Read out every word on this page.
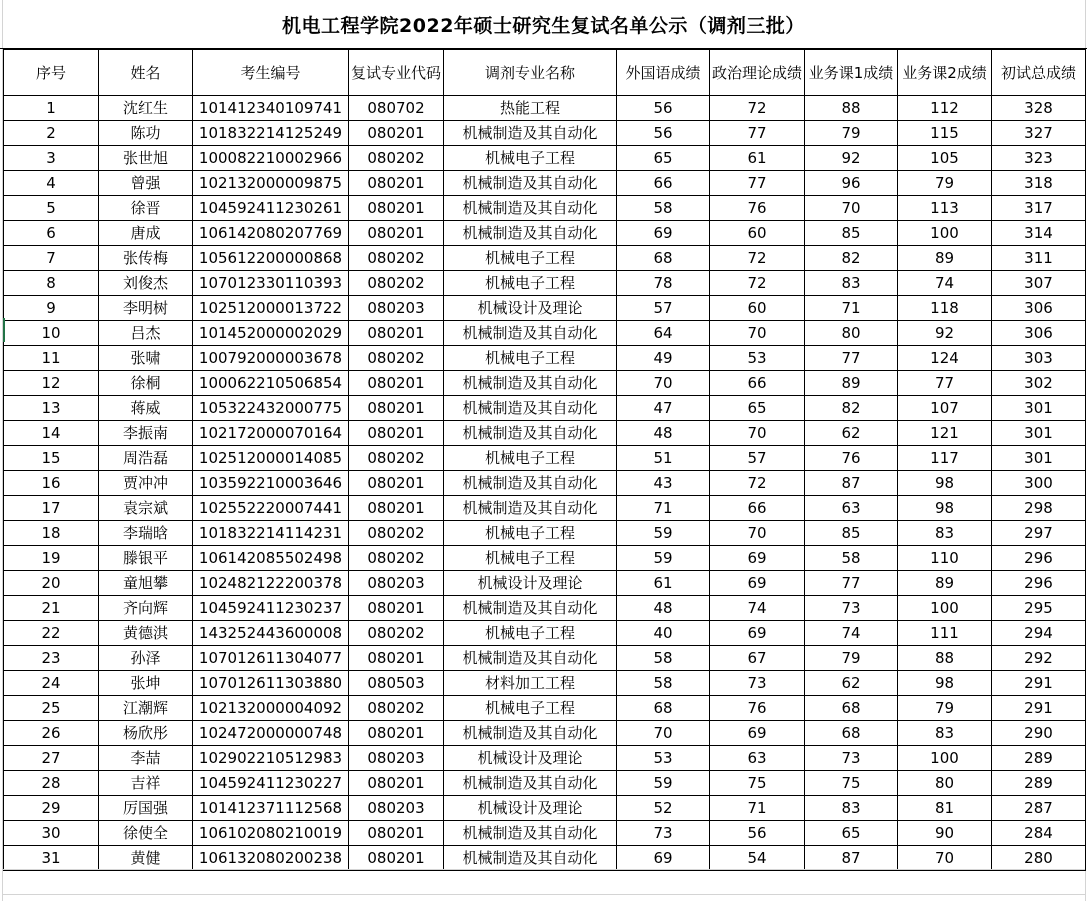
机电工程学院2022年硕士研究生复试名单公示（调剂三批）
序号	姓名	考生编号	复试专业代码	调剂专业名称	外国语成绩	政治理论成绩	业务课1成绩	业务课2成绩	初试总成绩
1	沈红生	101412340109741	080702	热能工程	56	72	88	112	328
2	陈功	101832214125249	080201	机械制造及其自动化	56	77	79	115	327
3	张世旭	100082210002966	080202	机械电子工程	65	61	92	105	323
4	曾强	102132000009875	080201	机械制造及其自动化	66	77	96	79	318
5	徐晋	104592411230261	080201	机械制造及其自动化	58	76	70	113	317
6	唐成	106142080207769	080201	机械制造及其自动化	69	60	85	100	314
7	张传梅	105612200000868	080202	机械电子工程	68	72	82	89	311
8	刘俊杰	107012330110393	080202	机械电子工程	78	72	83	74	307
9	李明树	102512000013722	080203	机械设计及理论	57	60	71	118	306
10	吕杰	101452000002029	080201	机械制造及其自动化	64	70	80	92	306
11	张啸	100792000003678	080202	机械电子工程	49	53	77	124	303
12	徐桐	100062210506854	080201	机械制造及其自动化	70	66	89	77	302
13	蒋威	105322432000775	080201	机械制造及其自动化	47	65	82	107	301
14	李振南	102172000070164	080201	机械制造及其自动化	48	70	62	121	301
15	周浩磊	102512000014085	080202	机械电子工程	51	57	76	117	301
16	贾冲冲	103592210003646	080201	机械制造及其自动化	43	72	87	98	300
17	袁宗斌	102552220007441	080201	机械制造及其自动化	71	66	63	98	298
18	李瑞晗	101832214114231	080202	机械电子工程	59	70	85	83	297
19	滕银平	106142085502498	080202	机械电子工程	59	69	58	110	296
20	童旭攀	102482122200378	080203	机械设计及理论	61	69	77	89	296
21	齐向辉	104592411230237	080201	机械制造及其自动化	48	74	73	100	295
22	黄德淇	143252443600008	080202	机械电子工程	40	69	74	111	294
23	孙泽	107012611304077	080201	机械制造及其自动化	58	67	79	88	292
24	张坤	107012611303880	080503	材料加工工程	58	73	62	98	291
25	江潮辉	102132000004092	080202	机械电子工程	68	76	68	79	291
26	杨欣彤	102472000000748	080201	机械制造及其自动化	70	69	68	83	290
27	李喆	102902210512983	080203	机械设计及理论	53	63	73	100	289
28	吉祥	104592411230227	080201	机械制造及其自动化	59	75	75	80	289
29	厉国强	101412371112568	080203	机械设计及理论	52	71	83	81	287
30	徐使全	106102080210019	080201	机械制造及其自动化	73	56	65	90	284
31	黄健	106132080200238	080201	机械制造及其自动化	69	54	87	70	280
